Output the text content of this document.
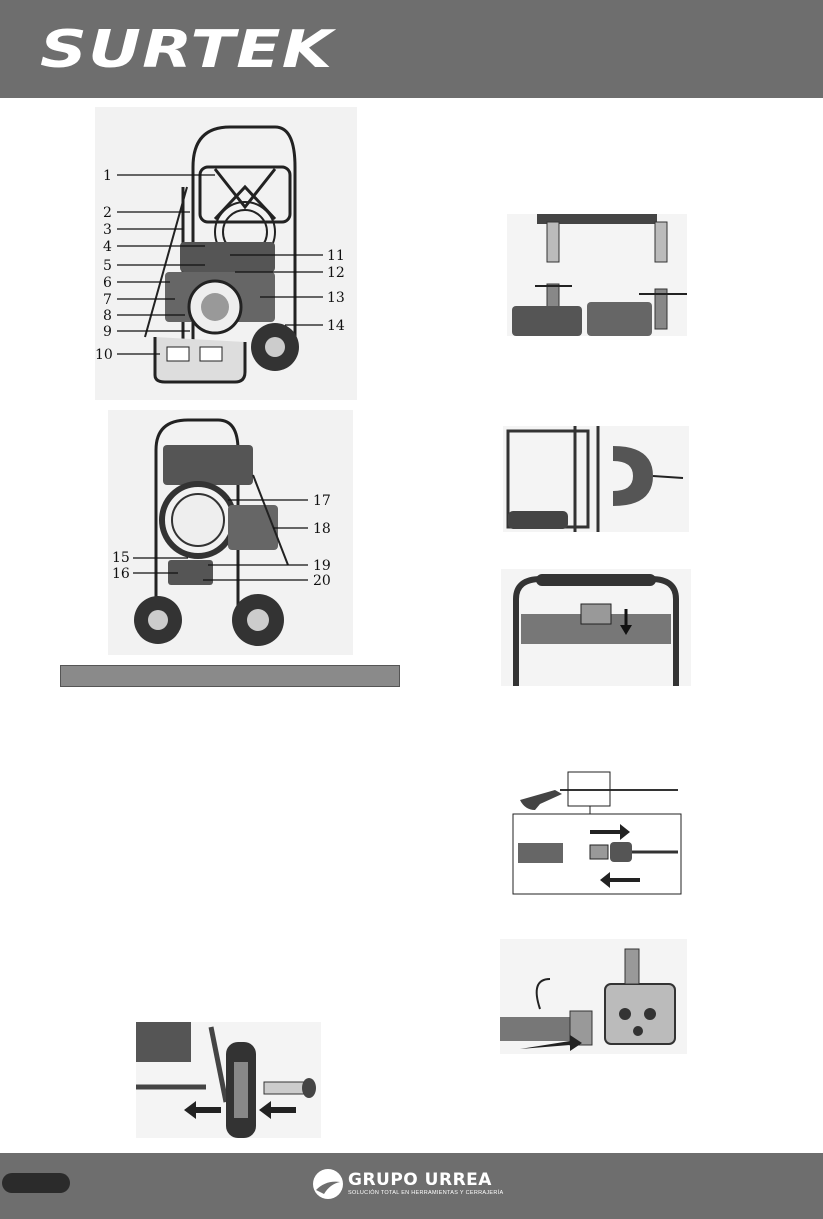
SURTEK
1
2
3
4
5
6
7
8
9
10
11
12
13
14
17
18
15
16	19
20
GRUPO URREA
SOLUCIÓN TOTAL EN HERRAMIENTAS Y CERRAJERÍA
